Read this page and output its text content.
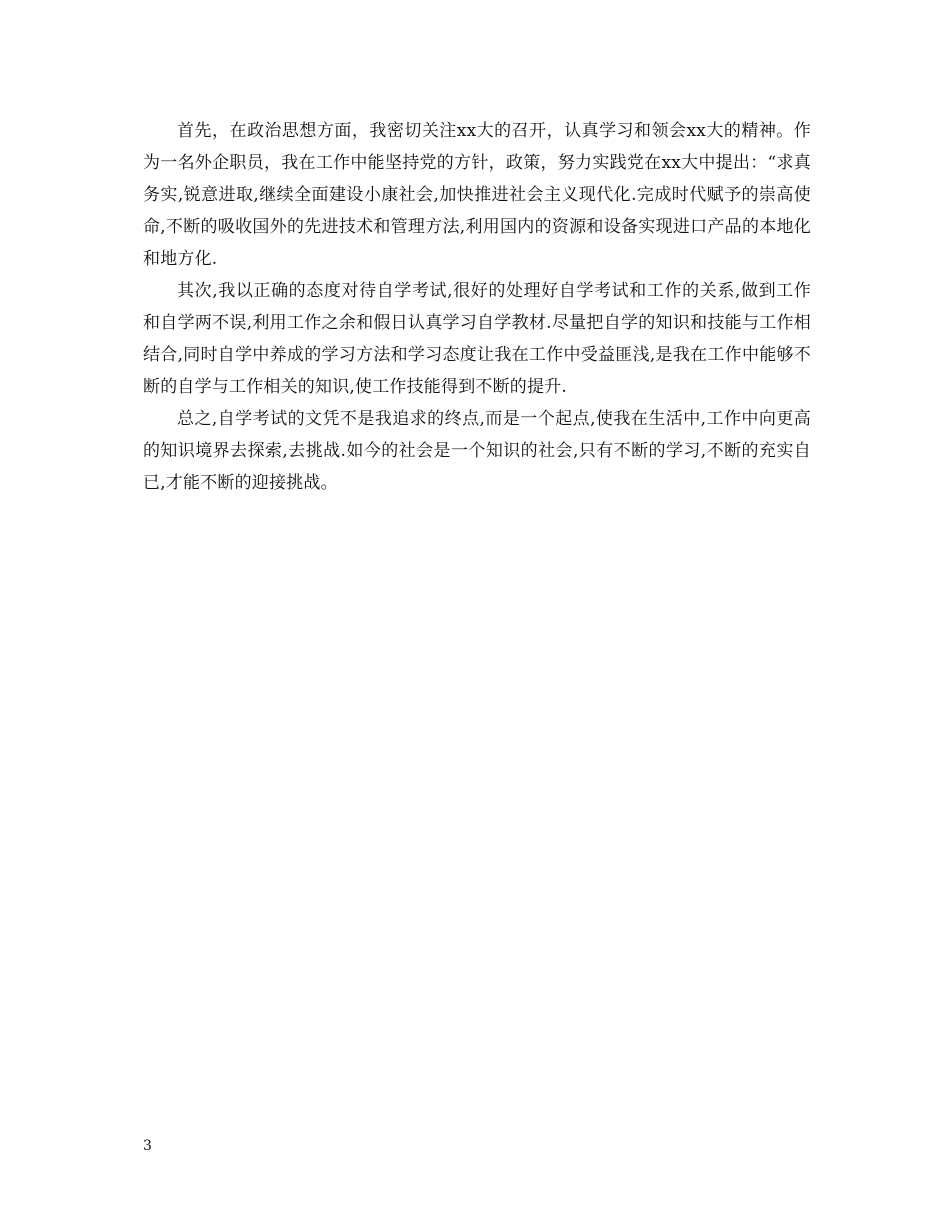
首先，在政治思想方面，我密切关注xx大的召开，认真学习和领会xx大的精神。作为一名外企职员，我在工作中能坚持党的方针，政策，努力实践党在xx大中提出：“求真务实,锐意进取,继续全面建设小康社会,加快推进社会主义现代化.完成时代赋予的崇高使命,不断的吸收国外的先进技术和管理方法,利用国内的资源和设备实现进口产品的本地化和地方化.

其次,我以正确的态度对待自学考试,很好的处理好自学考试和工作的关系,做到工作和自学两不误,利用工作之余和假日认真学习自学教材.尽量把自学的知识和技能与工作相结合,同时自学中养成的学习方法和学习态度让我在工作中受益匪浅,是我在工作中能够不断的自学与工作相关的知识,使工作技能得到不断的提升.

总之,自学考试的文凭不是我追求的终点,而是一个起点,使我在生活中,工作中向更高的知识境界去探索,去挑战.如今的社会是一个知识的社会,只有不断的学习,不断的充实自已,才能不断的迎接挑战。

3
